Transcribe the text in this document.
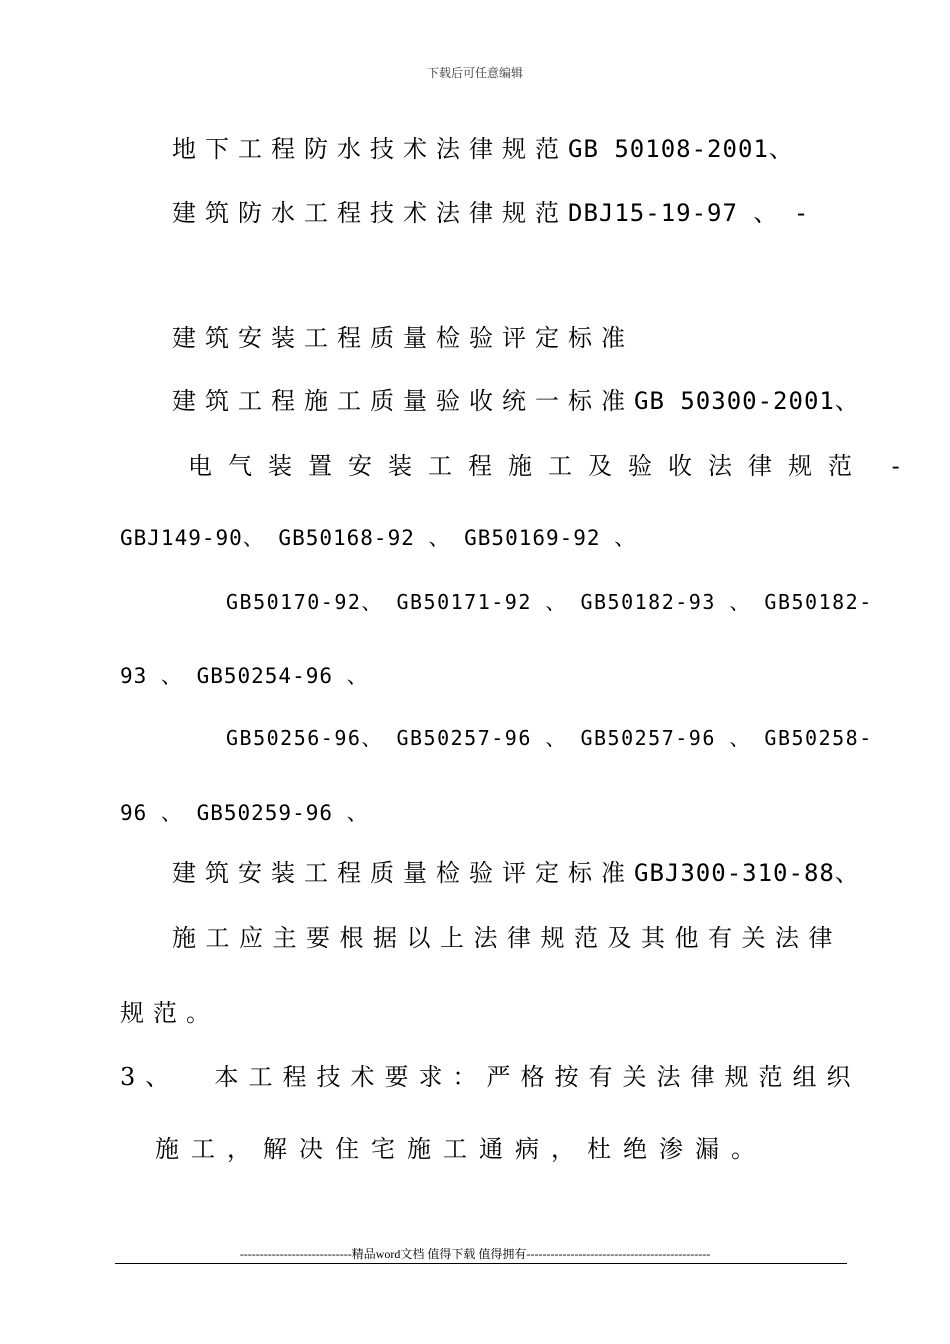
下载后可任意编辑
地下工程防水技术法律规范GB 50108-2001、
建筑防水工程技术法律规范DBJ15-19-97 、 -
建筑安装工程质量检验评定标准
建筑工程施工质量验收统一标准GB 50300-2001、
电气装置安装工程施工及验收法律规范 -
GBJ149-90、 GB50168-92 、 GB50169-92 、
GB50170-92、 GB50171-92 、 GB50182-93 、 GB50182-
93 、 GB50254-96 、
GB50256-96、 GB50257-96 、 GB50257-96 、 GB50258-
96 、 GB50259-96 、
建筑安装工程质量检验评定标准GBJ300-310-88、
施工应主要根据以上法律规范及其他有关法律
规范。
3、  本工程技术要求：严格按有关法律规范组织
施工，解决住宅施工通病，杜绝渗漏。
----------------------------精品word文档 值得下载 值得拥有----------------------------------------------
